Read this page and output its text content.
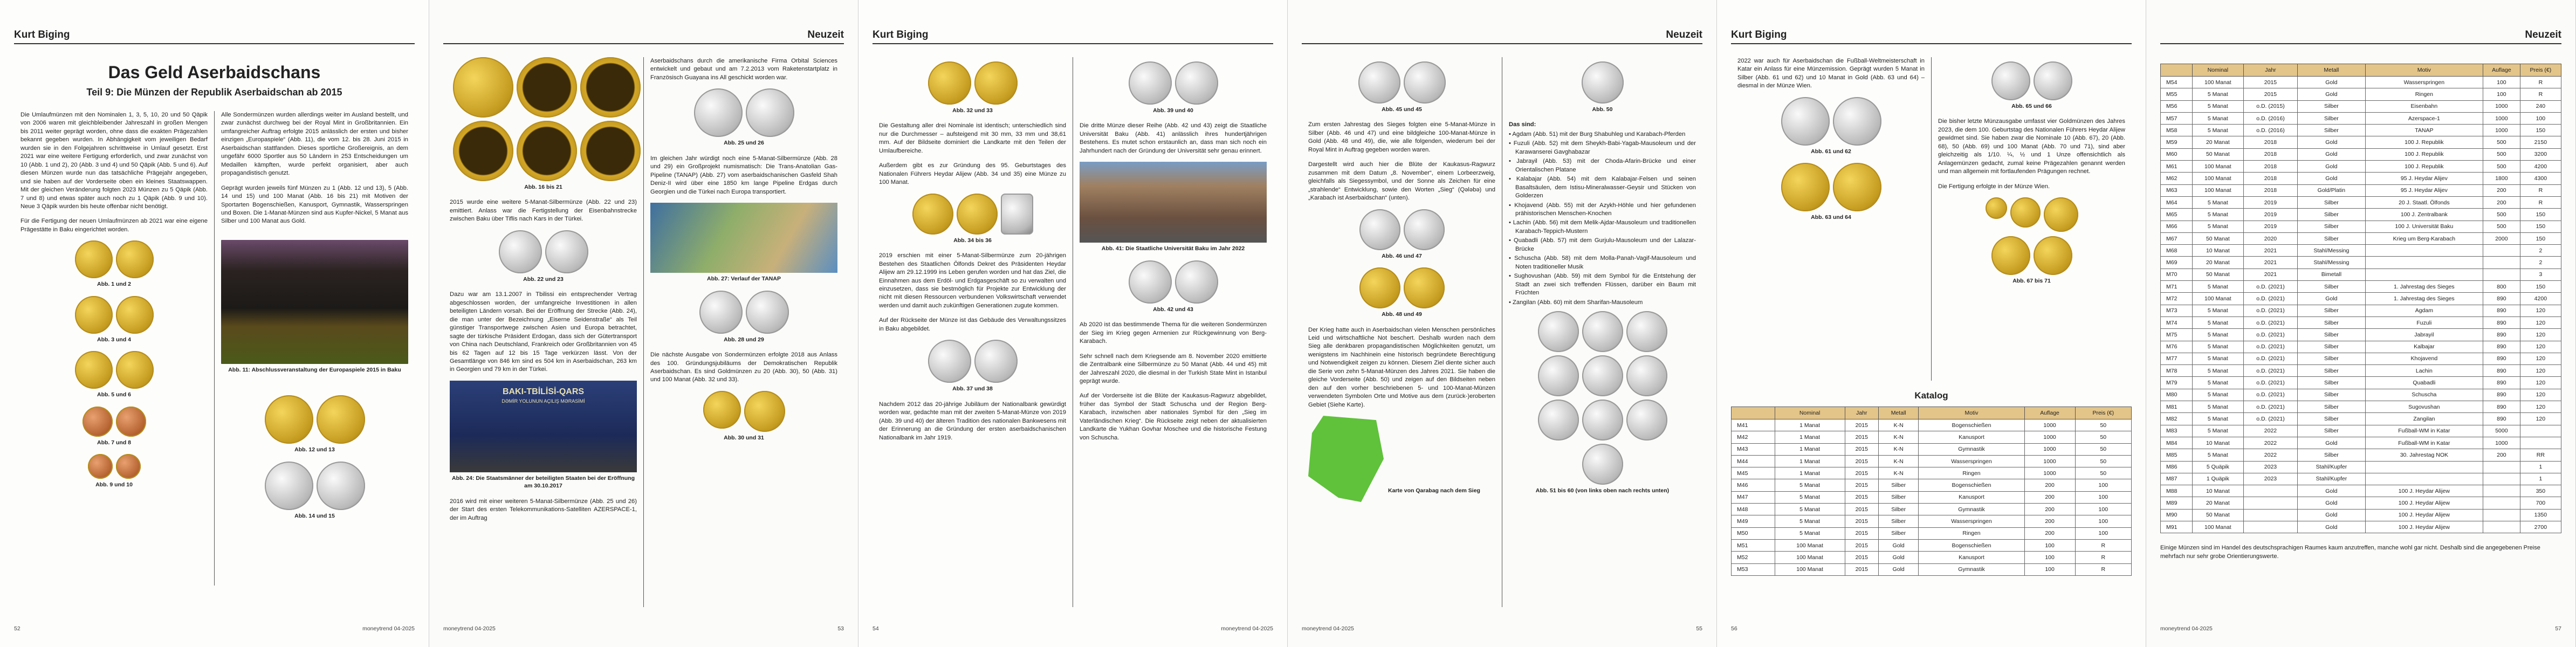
Kurt Biging
Das Geld Aserbaidschans
Teil 9: Die Münzen der Republik Aserbaidschan ab 2015

Die Umlaufmünzen mit den Nominalen 1, 3, 5, 10, 20 und 50 Qäpik von 2006 waren mit gleichbleibender Jahreszahl in großen Mengen bis 2011 weiter geprägt worden, ohne dass die exakten Prägezahlen bekannt gegeben wurden. In Abhängigkeit vom jeweiligen Bedarf wurden sie in den Folgejahren schrittweise in Umlauf gesetzt. Erst 2021 war eine weitere Fertigung erforderlich, und zwar zunächst von 10 (Abb. 1 und 2), 20 (Abb. 3 und 4) und 50 Qäpik (Abb. 5 und 6). Auf diesen Münzen wurde nun das tatsächliche Prägejahr angegeben, und sie haben auf der Vorderseite oben ein kleines Staatswappen. Mit der gleichen Veränderung folgten 2023 Münzen zu 5 Qäpik (Abb. 7 und 8) und etwas später auch noch zu 1 Qäpik (Abb. 9 und 10). Neue 3 Qäpik wurden bis heute offenbar nicht benötigt.

Für die Fertigung der neuen Umlaufmünzen ab 2021 war eine eigene Prägestätte in Baku eingerichtet worden.

Abb. 1 und 2
Abb. 3 und 4
Abb. 5 und 6
Abb. 7 und 8
Abb. 9 und 10

Alle Sondermünzen wurden allerdings weiter im Ausland bestellt, und zwar zunächst durchweg bei der Royal Mint in Großbritannien. Ein umfangreicher Auftrag erfolgte 2015 anlässlich der ersten und bisher einzigen „Europaspiele“ (Abb. 11), die vom 12. bis 28. Juni 2015 in Aserbaidschan stattfanden. Dieses sportliche Großereignis, an dem ungefähr 6000 Sportler aus 50 Ländern in 253 Entscheidungen um Medaillen kämpften, wurde perfekt organisiert, aber auch propagandistisch genutzt.

Geprägt wurden jeweils fünf Münzen zu 1 (Abb. 12 und 13), 5 (Abb. 14 und 15) und 100 Manat (Abb. 16 bis 21) mit Motiven der Sportarten Bogenschießen, Kanusport, Gymnastik, Wasserspringen und Boxen. Die 1-Manat-Münzen sind aus Kupfer-Nickel, 5 Manat aus Silber und 100 Manat aus Gold.

Abb. 11: Abschlussveranstaltung der Europaspiele 2015 in Baku
Abb. 12 und 13
Abb. 14 und 15
52	moneytrend 04-2025
Neuzeit
Abb. 16 bis 21

2015 wurde eine weitere 5-Manat-Silbermünze (Abb. 22 und 23) emittiert. Anlass war die Fertigstellung der Eisenbahnstrecke zwischen Baku über Tiflis nach Kars in der Türkei.

Abb. 22 und 23

Dazu war am 13.1.2007 in Tbilissi ein entsprechender Vertrag abgeschlossen worden, der umfangreiche Investitionen in allen beteiligten Ländern vorsah. Bei der Eröffnung der Strecke (Abb. 24), die man unter der Bezeichnung „Eiserne Seidenstraße“ als Teil günstiger Transportwege zwischen Asien und Europa betrachtet, sagte der türkische Präsident Erdogan, dass sich der Gütertransport von China nach Deutschland, Frankreich oder Großbritannien von 45 bis 62 Tagen auf 12 bis 15 Tage verkürzen lässt. Von der Gesamtlänge von 846 km sind es 504 km in Aserbaidschan, 263 km in Georgien und 79 km in der Türkei.

BAKI-TBİLİSİ-QARS
DƏMİR YOLUNUN AÇILIŞ MƏRASİMİ
Abb. 24: Die Staatsmänner der beteiligten Staaten bei der Eröffnung am 30.10.2017

2016 wird mit einer weiteren 5-Manat-Silbermünze (Abb. 25 und 26) der Start des ersten Telekommunikations-Satelliten AZERSPACE-1, der im Auftrag

Aserbaidschans durch die amerikanische Firma Orbital Sciences entwickelt und gebaut und am 7.2.2013 vom Raketenstartplatz in Französisch Guayana ins All geschickt worden war.

Abb. 25 und 26

Im gleichen Jahr würdigt noch eine 5-Manat-Silbermünze (Abb. 28 und 29) ein Großprojekt numismatisch: Die Trans-Anatolian Gas-Pipeline (TANAP) (Abb. 27) vom aserbaidschanischen Gasfeld Shah Deniz-II wird über eine 1850 km lange Pipeline Erdgas durch Georgien und die Türkei nach Europa transportiert.

Abb. 27: Verlauf der TANAP
Abb. 28 und 29

Die nächste Ausgabe von Sondermünzen erfolgte 2018 aus Anlass des 100. Gründungsjubiläums der Demokratischen Republik Aserbaidschan. Es sind Goldmünzen zu 20 (Abb. 30), 50 (Abb. 31) und 100 Manat (Abb. 32 und 33).

Abb. 30 und 31
moneytrend 04-2025	53
Kurt Biging
Abb. 32 und 33

Die Gestaltung aller drei Nominale ist identisch; unterschiedlich sind nur die Durchmesser – aufsteigend mit 30 mm, 33 mm und 38,61 mm. Auf der Bildseite dominiert die Landkarte mit den Teilen der Umlaufbereiche.

Außerdem gibt es zur Gründung des 95. Geburtstages des Nationalen Führers Heydar Alijew (Abb. 34 und 35) eine Münze zu 100 Manat.

Abb. 34 bis 36

2019 erschien mit einer 5-Manat-Silbermünze zum 20-jährigen Bestehen des Staatlichen Ölfonds Dekret des Präsidenten Heydar Alijew am 29.12.1999 ins Leben gerufen worden und hat das Ziel, die Einnahmen aus dem Erdöl- und Erdgasgeschäft so zu verwalten und einzusetzen, dass sie bestmöglich für Projekte zur Entwicklung der nicht mit diesen Ressourcen verbundenen Volkswirtschaft verwendet werden und damit auch zukünftigen Generationen zugute kommen.

Auf der Rückseite der Münze ist das Gebäude des Verwaltungssitzes in Baku abgebildet.

Abb. 37 und 38

Nachdem 2012 das 20-jährige Jubiläum der Nationalbank gewürdigt worden war, gedachte man mit der zweiten 5-Manat-Münze von 2019 (Abb. 39 und 40) der älteren Tradition des nationalen Bankwesens mit der Erinnerung an die Gründung der ersten aserbaidschanischen Nationalbank im Jahr 1919.

Abb. 39 und 40

Die dritte Münze dieser Reihe (Abb. 42 und 43) zeigt die Staatliche Universität Baku (Abb. 41) anlässlich ihres hundertjährigen Bestehens. Es mutet schon erstaunlich an, dass man sich noch ein Jahrhundert nach der Gründung der Universität sehr genau erinnert.

Abb. 41: Die Staatliche Universität Baku im Jahr 2022
Abb. 42 und 43

Ab 2020 ist das bestimmende Thema für die weiteren Sondermünzen der Sieg im Krieg gegen Armenien zur Rückgewinnung von Berg-Karabach.

Sehr schnell nach dem Kriegsende am 8. November 2020 emittierte die Zentralbank eine Silbermünze zu 50 Manat (Abb. 44 und 45) mit der Jahreszahl 2020, die diesmal in der Turkish State Mint in Istanbul geprägt wurde.

Auf der Vorderseite ist die Blüte der Kaukasus-Ragwurz abgebildet, früher das Symbol der Stadt Schuscha und der Region Berg-Karabach, inzwischen aber nationales Symbol für den „Sieg im Vaterländischen Krieg“. Die Rückseite zeigt neben der aktualisierten Landkarte die Yukhan Govhar Moschee und die historische Festung von Schuscha.

54	moneytrend 04-2025
Neuzeit
Abb. 45 und 45

Zum ersten Jahrestag des Sieges folgten eine 5-Manat-Münze in Silber (Abb. 46 und 47) und eine bildgleiche 100-Manat-Münze in Gold (Abb. 48 und 49), die, wie alle folgenden, wiederum bei der Royal Mint in Auftrag gegeben worden waren.

Dargestellt wird auch hier die Blüte der Kaukasus-Ragwurz zusammen mit dem Datum „8. November“, einem Lorbeerzweig, gleichfalls als Siegessymbol, und der Sonne als Zeichen für eine „strahlende“ Entwicklung, sowie den Worten „Sieg“ (Qələbə) und „Karabach ist Aserbaidschan“ (unten).

Abb. 46 und 47
Abb. 48 und 49

Der Krieg hatte auch in Aserbaidschan vielen Menschen persönliches Leid und wirtschaftliche Not beschert. Deshalb wurden nach dem Sieg alle denkbaren propagandistischen Möglichkeiten genutzt, um wenigstens im Nachhinein eine historisch begründete Berechtigung und Notwendigkeit zeigen zu können. Diesem Ziel diente sicher auch die Serie von zehn 5-Manat-Münzen des Jahres 2021. Sie haben die gleiche Vorderseite (Abb. 50) und zeigen auf den Bildseiten neben den auf den vorher beschriebenen 5- und 100-Manat-Münzen verwendeten Symbolen Orte und Motive aus dem (zurück-)eroberten Gebiet (Siehe Karte).

Karte von Qarabag nach dem Sieg
Abb. 50
Das sind:
• Agdam (Abb. 51) mit der Burg Shabuhleg und Karabach-Pferden
• Fuzuli (Abb. 52) mit dem Sheykh-Babi-Yagab-Mausoleum und der Karawanserei Gavghabazar
• Jabrayil (Abb. 53) mit der Choda-Afarin-Brücke und einer Orientalischen Platane
• Kalabajar (Abb. 54) mit dem Kalabajar-Felsen und seinen Basaltsäulen, dem Istisu-Mineralwasser-Geysir und Stücken von Golderzen
• Khojavend (Abb. 55) mit der Azykh-Höhle und hier gefundenen prähistorischen Menschen-Knochen
• Lachin (Abb. 56) mit dem Melik-Ajdar-Mausoleum und traditionellen Karabach-Teppich-Mustern
• Quabadli (Abb. 57) mit dem Gurjulu-Mausoleum und der Lalazar-Brücke
• Schuscha (Abb. 58) mit dem Molla-Panah-Vagif-Mausoleum und Noten traditioneller Musik
• Sughovushan (Abb. 59) mit dem Symbol für die Entstehung der Stadt an zwei sich treffenden Flüssen, darüber ein Baum mit Früchten
• Zangilan (Abb. 60) mit dem Sharifan-Mausoleum
Abb. 51 bis 60 (von links oben nach rechts unten)
moneytrend 04-2025	55
Kurt Biging

2022 war auch für Aserbaidschan die Fußball-Weltmeisterschaft in Katar ein Anlass für eine Münzemission. Geprägt wurden 5 Manat in Silber (Abb. 61 und 62) und 10 Manat in Gold (Abb. 63 und 64) – diesmal in der Münze Wien.

Abb. 61 und 62
Abb. 63 und 64
Abb. 65 und 66

Die bisher letzte Münzausgabe umfasst vier Goldmünzen des Jahres 2023, die dem 100. Geburtstag des Nationalen Führers Heydar Alijew gewidmet sind. Sie haben zwar die Nominale 10 (Abb. 67), 20 (Abb. 68), 50 (Abb. 69) und 100 Manat (Abb. 70 und 71), sind aber gleichzeitig als 1/10. ¼, ½ und 1 Unze offensichtlich als Anlagemünzen gedacht, zumal keine Prägezahlen genannt werden und man allgemein mit fortlaufenden Prägungen rechnet.

Die Fertigung erfolgte in der Münze Wien.

Abb. 67 bis 71
Katalog
	Nominal	Jahr	Metall	Motiv	Auflage	Preis (€)
M41	1 Manat	2015	K-N	Bogenschießen	1000	50
M42	1 Manat	2015	K-N	Kanusport	1000	50
M43	1 Manat	2015	K-N	Gymnastik	1000	50
M44	1 Manat	2015	K-N	Wasserspringen	1000	50
M45	1 Manat	2015	K-N	Ringen	1000	50
M46	5 Manat	2015	Silber	Bogenschießen	200	100
M47	5 Manat	2015	Silber	Kanusport	200	100
M48	5 Manat	2015	Silber	Gymnastik	200	100
M49	5 Manat	2015	Silber	Wasserspringen	200	100
M50	5 Manat	2015	Silber	Ringen	200	100
M51	100 Manat	2015	Gold	Bogenschießen	100	R
M52	100 Manat	2015	Gold	Kanusport	100	R
M53	100 Manat	2015	Gold	Gymnastik	100	R
56
Neuzeit
	Nominal	Jahr	Metall	Motiv	Auflage	Preis (€)
M54	100 Manat	2015	Gold	Wasserspringen	100	R
M55	5 Manat	2015	Gold	Ringen	100	R
M56	5 Manat	o.D. (2015)	Silber	Eisenbahn	1000	240
M57	5 Manat	o.D. (2016)	Silber	Azerspace-1	1000	100
M58	5 Manat	o.D. (2016)	Silber	TANAP	1000	150
M59	20 Manat	2018	Gold	100 J. Republik	500	2150
M60	50 Manat	2018	Gold	100 J. Republik	500	3200
M61	100 Manat	2018	Gold	100 J. Republik	500	4200
M62	100 Manat	2018	Gold	95 J. Heydar Alijev	1800	4300
M63	100 Manat	2018	Gold/Platin	95 J. Heydar Alijev	200	R
M64	5 Manat	2019	Silber	20 J. Staatl. Ölfonds	200	R
M65	5 Manat	2019	Silber	100 J. Zentralbank	500	150
M66	5 Manat	2019	Silber	100 J. Universität Baku	500	150
M67	50 Manat	2020	Silber	Krieg um Berg-Karabach	2000	150
M68	10 Manat	2021	Stahl/Messing			2
M69	20 Manat	2021	Stahl/Messing			2
M70	50 Manat	2021	Bimetall			3
M71	5 Manat	o.D. (2021)	Silber	1. Jahrestag des Sieges	800	150
M72	100 Manat	o.D. (2021)	Gold	1. Jahrestag des Sieges	890	4200
M73	5 Manat	o.D. (2021)	Silber	Agdam	890	120
M74	5 Manat	o.D. (2021)	Silber	Fuzuli	890	120
M75	5 Manat	o.D. (2021)	Silber	Jabrayil	890	120
M76	5 Manat	o.D. (2021)	Silber	Kalbajar	890	120
M77	5 Manat	o.D. (2021)	Silber	Khojavend	890	120
M78	5 Manat	o.D. (2021)	Silber	Lachin	890	120
M79	5 Manat	o.D. (2021)	Silber	Quabadli	890	120
M80	5 Manat	o.D. (2021)	Silber	Schuscha	890	120
M81	5 Manat	o.D. (2021)	Silber	Sugovushan	890	120
M82	5 Manat	o.D. (2021)	Silber	Zangilan	890	120
M83	5 Manat	2022	Silber	Fußball-WM in Katar	5000	
M84	10 Manat	2022	Gold	Fußball-WM in Katar	1000	
M85	5 Manat	2022	Silber	30. Jahrestag NOK	200	RR
M86	5 Quäpik	2023	Stahl/Kupfer			1
M87	1 Quäpik	2023	Stahl/Kupfer			1
M88	10 Manat		Gold	100 J. Heydar Alijew		350
M89	20 Manat		Gold	100 J. Heydar Alijew		700
M90	50 Manat		Gold	100 J. Heydar Alijew		1350
M91	100 Manat		Gold	100 J. Heydar Alijew		2700

Einige Münzen sind im Handel des deutschsprachigen Raumes kaum anzutreffen, manche wohl gar nicht. Deshalb sind die angegebenen Preise mehrfach nur sehr grobe Orientierungswerte.

moneytrend 04-2025	57
